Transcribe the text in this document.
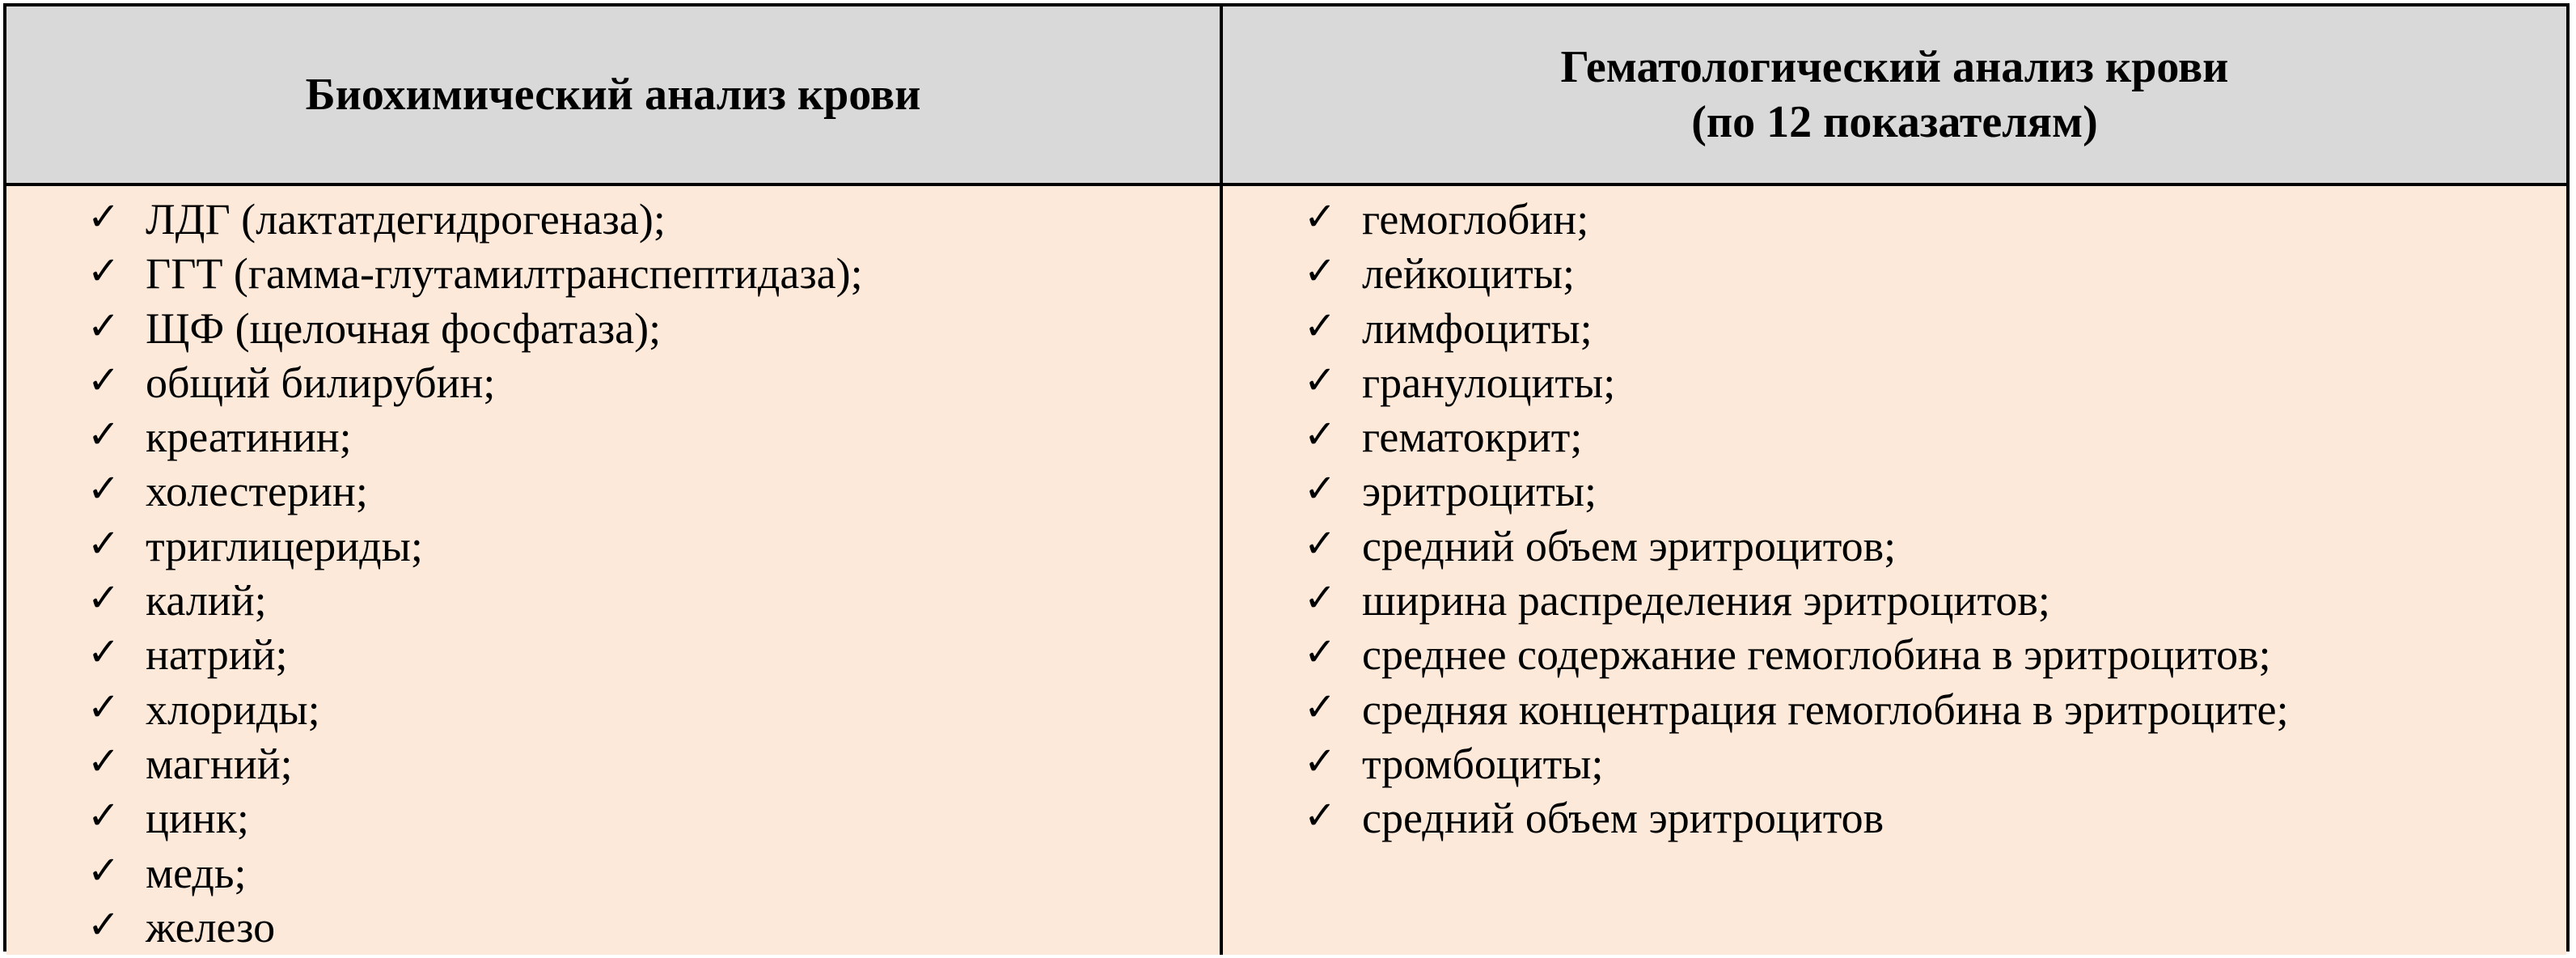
Биохимический анализ крови
Гематологический анализ крови
(по 12 показателям)
✓ ЛДГ (лактатдегидрогеназа);
✓ ГГТ (гамма-глутамилтранспептидаза);
✓ ЩФ (щелочная фосфатаза);
✓ общий билирубин;
✓ креатинин;
✓ холестерин;
✓ триглицериды;
✓ калий;
✓ натрий;
✓ хлориды;
✓ магний;
✓ цинк;
✓ медь;
✓ железо
✓ гемоглобин;
✓ лейкоциты;
✓ лимфоциты;
✓ гранулоциты;
✓ гематокрит;
✓ эритроциты;
✓ средний объем эритроцитов;
✓ ширина распределения эритроцитов;
✓ среднее содержание гемоглобина в эритроцитов;
✓ средняя концентрация гемоглобина в эритроците;
✓ тромбоциты;
✓ средний объем эритроцитов
